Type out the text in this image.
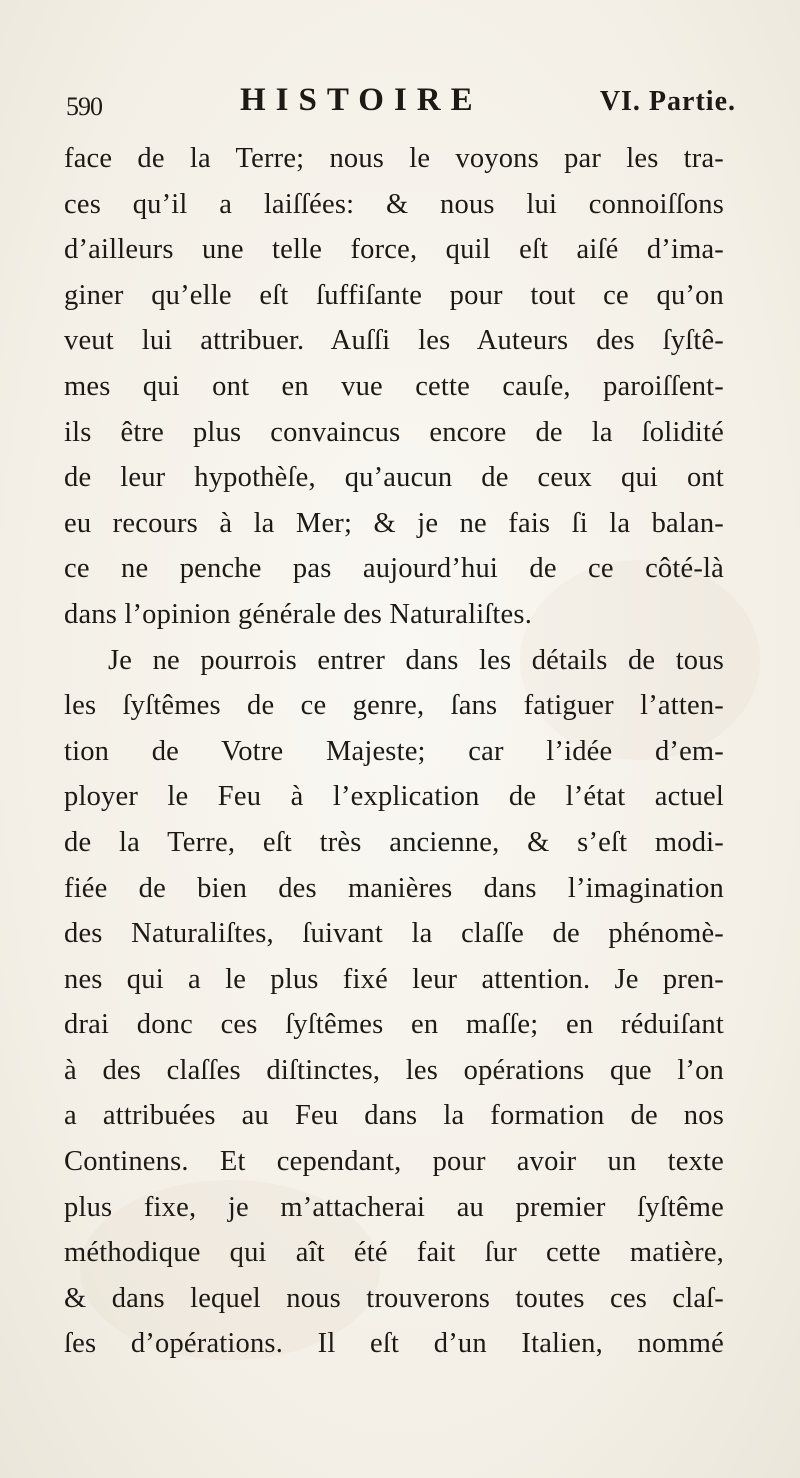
590	HISTOIRE	VI. Partie.
face de la Terre; nous le voyons par les tra-
ces qu’il a laiſſées: & nous lui connoiſſons
d’ailleurs une telle force, quil eſt aiſé d’ima-
giner qu’elle eſt ſuffiſante pour tout ce qu’on
veut lui attribuer. Auſſi les Auteurs des ſyſtê-
mes qui ont en vue cette cauſe, paroiſſent-
ils être plus convaincus encore de la ſolidité
de leur hypothèſe, qu’aucun de ceux qui ont
eu recours à la Mer; & je ne fais ſi la balan-
ce ne penche pas aujourd’hui de ce côté-là
dans l’opinion générale des Naturaliſtes.
Je ne pourrois entrer dans les détails de tous
les ſyſtêmes de ce genre, ſans fatiguer l’atten-
tion de Votre Majeste; car l’idée d’em-
ployer le Feu à l’explication de l’état actuel
de la Terre, eſt très ancienne, & s’eſt modi-
fiée de bien des manières dans l’imagination
des Naturaliſtes, ſuivant la claſſe de phénomè-
nes qui a le plus fixé leur attention. Je pren-
drai donc ces ſyſtêmes en maſſe; en réduiſant
à des claſſes diſtinctes, les opérations que l’on
a attribuées au Feu dans la formation de nos
Continens. Et cependant, pour avoir un texte
plus fixe, je m’attacherai au premier ſyſtême
méthodique qui aît été fait ſur cette matière,
& dans lequel nous trouverons toutes ces claſ-
ſes d’opérations. Il eſt d’un Italien, nommé
